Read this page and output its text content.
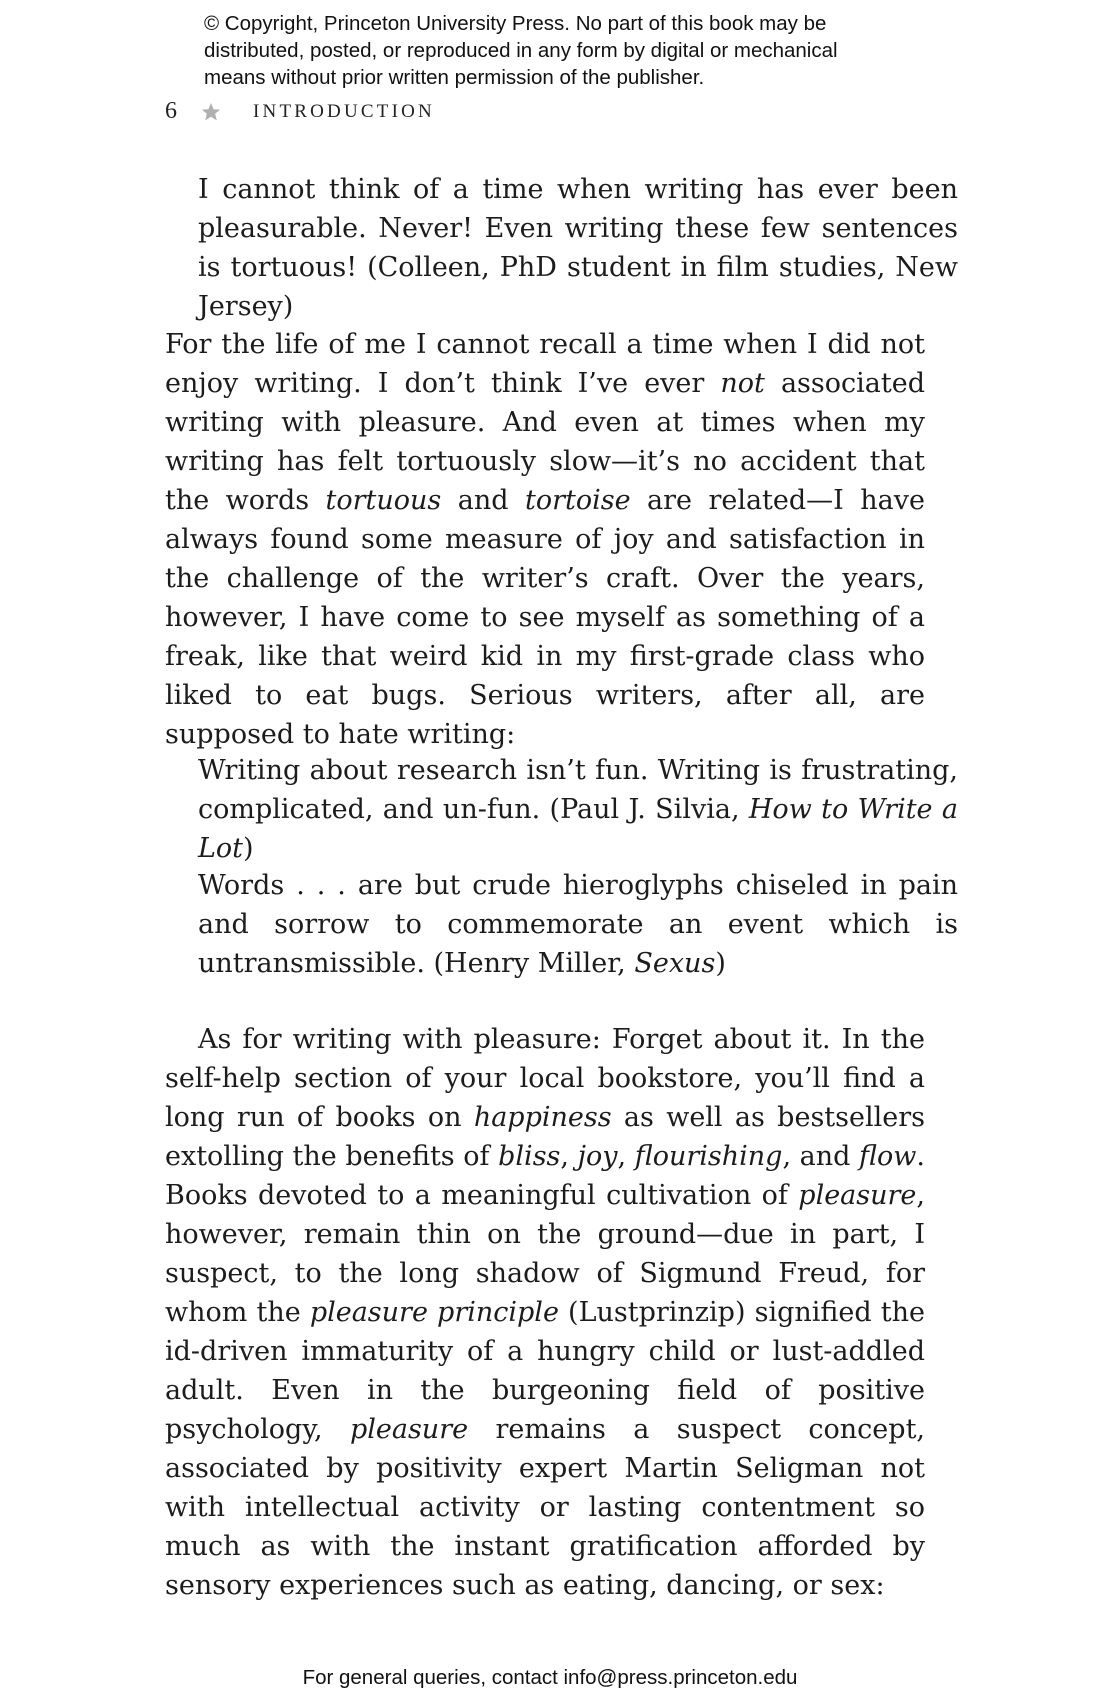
© Copyright, Princeton University Press. No part of this book may be
distributed, posted, or reproduced in any form by digital or mechanical
means without prior written permission of the publisher.
6	INTRODUCTION

I cannot think of a time when writing has ever been pleasurable. Never! Even writing these few sentences is tortuous! (Colleen, PhD student in film studies, New Jersey)

For the life of me I cannot recall a time when I did not enjoy writing. I don’t think I’ve ever not associated writing with pleasure. And even at times when my writing has felt tortuously slow—it’s no accident that the words tortuous and tortoise are related—I have always found some measure of joy and satisfaction in the challenge of the writer’s craft. Over the years, however, I have come to see myself as something of a freak, like that weird kid in my first-grade class who liked to eat bugs. Serious writers, after all, are supposed to hate writing:

Writing about research isn’t fun. Writing is frustrating, complicated, and un-fun. (Paul J. Silvia, How to Write a Lot)

Words . . . are but crude hieroglyphs chiseled in pain and sorrow to commemorate an event which is untransmissible. (Henry Miller, Sexus)

As for writing with pleasure: Forget about it. In the self-help section of your local bookstore, you’ll find a long run of books on happiness as well as bestsellers extolling the benefits of bliss, joy, flourishing, and flow. Books devoted to a meaningful cultivation of pleasure, however, remain thin on the ground—due in part, I suspect, to the long shadow of Sigmund Freud, for whom the pleasure principle (Lustprinzip) signified the id-driven immaturity of a hungry child or lust-addled adult. Even in the burgeoning field of positive psychology, pleasure remains a suspect concept, associated by positivity expert Martin Seligman not with intellectual activity or lasting contentment so much as with the instant gratification afforded by sensory experiences such as eating, dancing, or sex:

For general queries, contact info@press.princeton.edu
